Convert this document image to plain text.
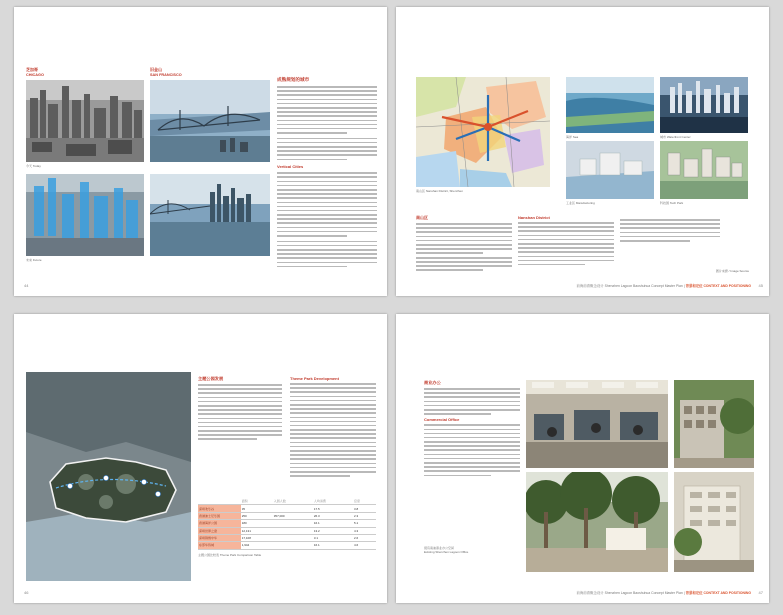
芝加哥
CHICAGO
旧金山
SAN FRANCISCO
今天 Today
未来 Future
成熟规划的城市
Vertical Cities
44
南山区 Nanshan District, Shenzhen
海洋 Sea	城市 Waterfront Center
工业区 Manufacturing	科技园 Tech Park
南山区	Nanshan District
图片来源 / Image Source
前海前湾概念设计 Shenzhen Lagoon Baoshuhua Concept Master Plan | 背景和定位 CONTEXT AND POSITIONING 45
主题公园发展	Theme Park Development
	面积	入园人数	人均消费	密度
深圳欢乐谷	35		17.5	3.8
香港迪士尼乐园	250	357,000	26.3	2.3
香港海洋公园	180		16.1	5.1
深圳世界之窗	12,131		13.2	4.3
深圳锦绣中华	17,108		3.1	2.6
东部华侨城	1,944		16.1	4.6
主题公园比较表 Theme Park Comparison Table
46
商业办公
Commercial Office
现有南油商业办公空间
Existing Shenzhen Lagoon Office
前海前湾概念设计 Shenzhen Lagoon Baoshuhua Concept Master Plan | 背景和定位 CONTEXT AND POSITIONING 47
